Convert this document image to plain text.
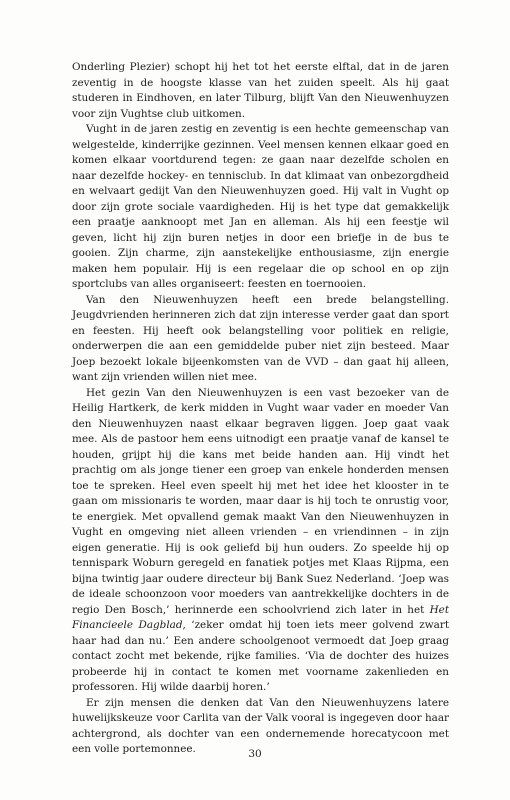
Onderling Plezier) schopt hij het tot het eerste elftal, dat in de jaren zeventig in de hoogste klasse van het zuiden speelt. Als hij gaat studeren in Eindhoven, en later Tilburg, blijft Van den Nieuwenhuyzen voor zijn Vughtse club uitkomen.

Vught in de jaren zestig en zeventig is een hechte gemeenschap van welgestelde, kinderrijke gezinnen. Veel mensen kennen elkaar goed en komen elkaar voortdurend tegen: ze gaan naar dezelfde scholen en naar dezelfde hockey- en tennisclub. In dat klimaat van onbezorgdheid en welvaart gedijt Van den Nieuwenhuyzen goed. Hij valt in Vught op door zijn grote sociale vaardigheden. Hij is het type dat gemakkelijk een praatje aanknoopt met Jan en alleman. Als hij een feestje wil geven, licht hij zijn buren netjes in door een briefje in de bus te gooien. Zijn charme, zijn aanstekelijke enthousiasme, zijn energie maken hem populair. Hij is een regelaar die op school en op zijn sportclubs van alles organiseert: feesten en toernooien.

Van den Nieuwenhuyzen heeft een brede belangstelling. Jeugdvrienden herinneren zich dat zijn interesse verder gaat dan sport en feesten. Hij heeft ook belangstelling voor politiek en religie, onderwerpen die aan een gemiddelde puber niet zijn besteed. Maar Joep bezoekt lokale bijeenkomsten van de VVD – dan gaat hij alleen, want zijn vrienden willen niet mee.

Het gezin Van den Nieuwenhuyzen is een vast bezoeker van de Heilig Hartkerk, de kerk midden in Vught waar vader en moeder Van den Nieuwenhuyzen naast elkaar begraven liggen. Joep gaat vaak mee. Als de pastoor hem eens uitnodigt een praatje vanaf de kansel te houden, grijpt hij die kans met beide handen aan. Hij vindt het prachtig om als jonge tiener een groep van enkele honderden mensen toe te spreken. Heel even speelt hij met het idee het klooster in te gaan om missionaris te worden, maar daar is hij toch te onrustig voor, te energiek. Met opvallend gemak maakt Van den Nieuwenhuyzen in Vught en omgeving niet alleen vrienden – en vriendinnen – in zijn eigen generatie. Hij is ook geliefd bij hun ouders. Zo speelde hij op tennispark Woburn geregeld en fanatiek potjes met Klaas Rijpma, een bijna twintig jaar oudere directeur bij Bank Suez Nederland. ‘Joep was de ideale schoonzoon voor moeders van aantrekkelijke dochters in de regio Den Bosch,’ herinnerde een schoolvriend zich later in het Het Financieele Dagblad, ‘zeker omdat hij toen iets meer golvend zwart haar had dan nu.’ Een andere schoolgenoot vermoedt dat Joep graag contact zocht met bekende, rijke families. ‘Via de dochter des huizes probeerde hij in contact te komen met voorname zakenlieden en professoren. Hij wilde daarbij horen.’

Er zijn mensen die denken dat Van den Nieuwenhuyzens latere huwelijkskeuze voor Carlita van der Valk vooral is ingegeven door haar achtergrond, als dochter van een ondernemende horecatycoon met een volle portemonnee.	30
